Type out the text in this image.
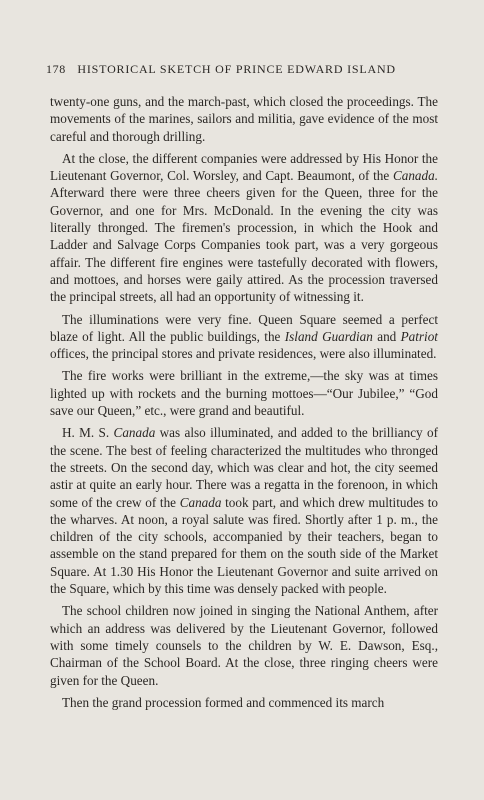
178 HISTORICAL SKETCH OF PRINCE EDWARD ISLAND

twenty-one guns, and the march-past, which closed the proceedings. The movements of the marines, sailors and militia, gave evidence of the most careful and thorough drilling.

At the close, the different companies were addressed by His Honor the Lieutenant Governor, Col. Worsley, and Capt. Beaumont, of the Canada. Afterward there were three cheers given for the Queen, three for the Governor, and one for Mrs. McDonald. In the evening the city was literally thronged. The firemen's procession, in which the Hook and Ladder and Salvage Corps Companies took part, was a very gorgeous affair. The different fire engines were tastefully decorated with flowers, and mottoes, and horses were gaily attired. As the procession traversed the principal streets, all had an opportunity of witnessing it.

The illuminations were very fine. Queen Square seemed a perfect blaze of light. All the public buildings, the Island Guardian and Patriot offices, the principal stores and private residences, were also illuminated.

The fire works were brilliant in the extreme,—the sky was at times lighted up with rockets and the burning mottoes—“Our Jubilee,” “God save our Queen,” etc., were grand and beautiful.

H. M. S. Canada was also illuminated, and added to the brilliancy of the scene. The best of feeling characterized the multitudes who thronged the streets. On the second day, which was clear and hot, the city seemed astir at quite an early hour. There was a regatta in the forenoon, in which some of the crew of the Canada took part, and which drew multitudes to the wharves. At noon, a royal salute was fired. Shortly after 1 p. m., the children of the city schools, accompanied by their teachers, began to assemble on the stand prepared for them on the south side of the Market Square. At 1.30 His Honor the Lieutenant Governor and suite arrived on the Square, which by this time was densely packed with people.

The school children now joined in singing the National Anthem, after which an address was delivered by the Lieutenant Governor, followed with some timely counsels to the children by W. E. Dawson, Esq., Chairman of the School Board. At the close, three ringing cheers were given for the Queen.

Then the grand procession formed and commenced its march
